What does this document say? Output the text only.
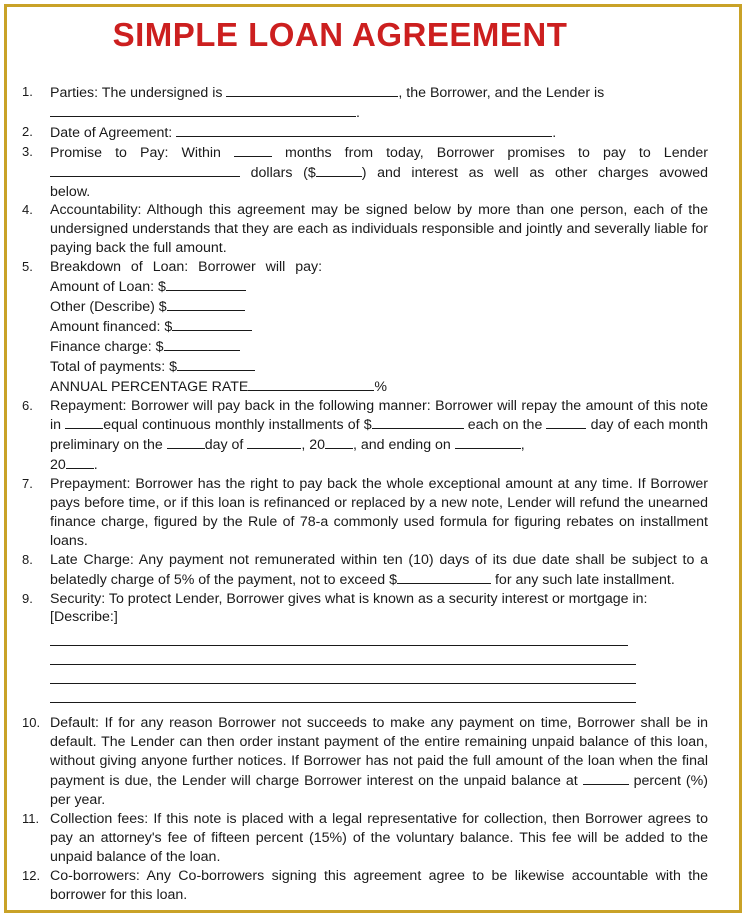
SIMPLE LOAN AGREEMENT
1. Parties: The undersigned is	, the Borrower, and the Lender is
.
2. Date of Agreement:	.
3. Promise to Pay: Within	months from today, Borrower promises to pay to Lender dollars ($	) and interest as well as other charges avowed below.
4. Accountability: Although this agreement may be signed below by more than one person, each of the undersigned understands that they are each as individuals responsible and jointly and severally liable for paying back the full amount.
5. Breakdown of Loan: Borrower will pay:
Amount of Loan: $
Other (Describe) $
Amount financed: $
Finance charge: $
Total of payments: $
ANNUAL PERCENTAGE RATE	%
6. Repayment: Borrower will pay back in the following manner: Borrower will repay the amount of this note in	equal continuous monthly installments of $	each on the	day of each month preliminary on the	day of	, 20 , and ending on	,
20 .
7. Prepayment: Borrower has the right to pay back the whole exceptional amount at any time. If Borrower pays before time, or if this loan is refinanced or replaced by a new note, Lender will refund the unearned finance charge, figured by the Rule of 78-a commonly used formula for figuring rebates on installment loans.
8. Late Charge: Any payment not remunerated within ten (10) days of its due date shall be subject to a belatedly charge of 5% of the payment, not to exceed $	for any such late installment.
9. Security: To protect Lender, Borrower gives what is known as a security interest or mortgage in: [Describe:]
10. Default: If for any reason Borrower not succeeds to make any payment on time, Borrower shall be in default. The Lender can then order instant payment of the entire remaining unpaid balance of this loan, without giving anyone further notices. If Borrower has not paid the full amount of the loan when the final payment is due, the Lender will charge Borrower interest on the unpaid balance at	percent (%) per year.
11. Collection fees: If this note is placed with a legal representative for collection, then Borrower agrees to pay an attorney's fee of fifteen percent (15%) of the voluntary balance. This fee will be added to the unpaid balance of the loan.
12. Co-borrowers: Any Co-borrowers signing this agreement agree to be likewise accountable with the borrower for this loan.
